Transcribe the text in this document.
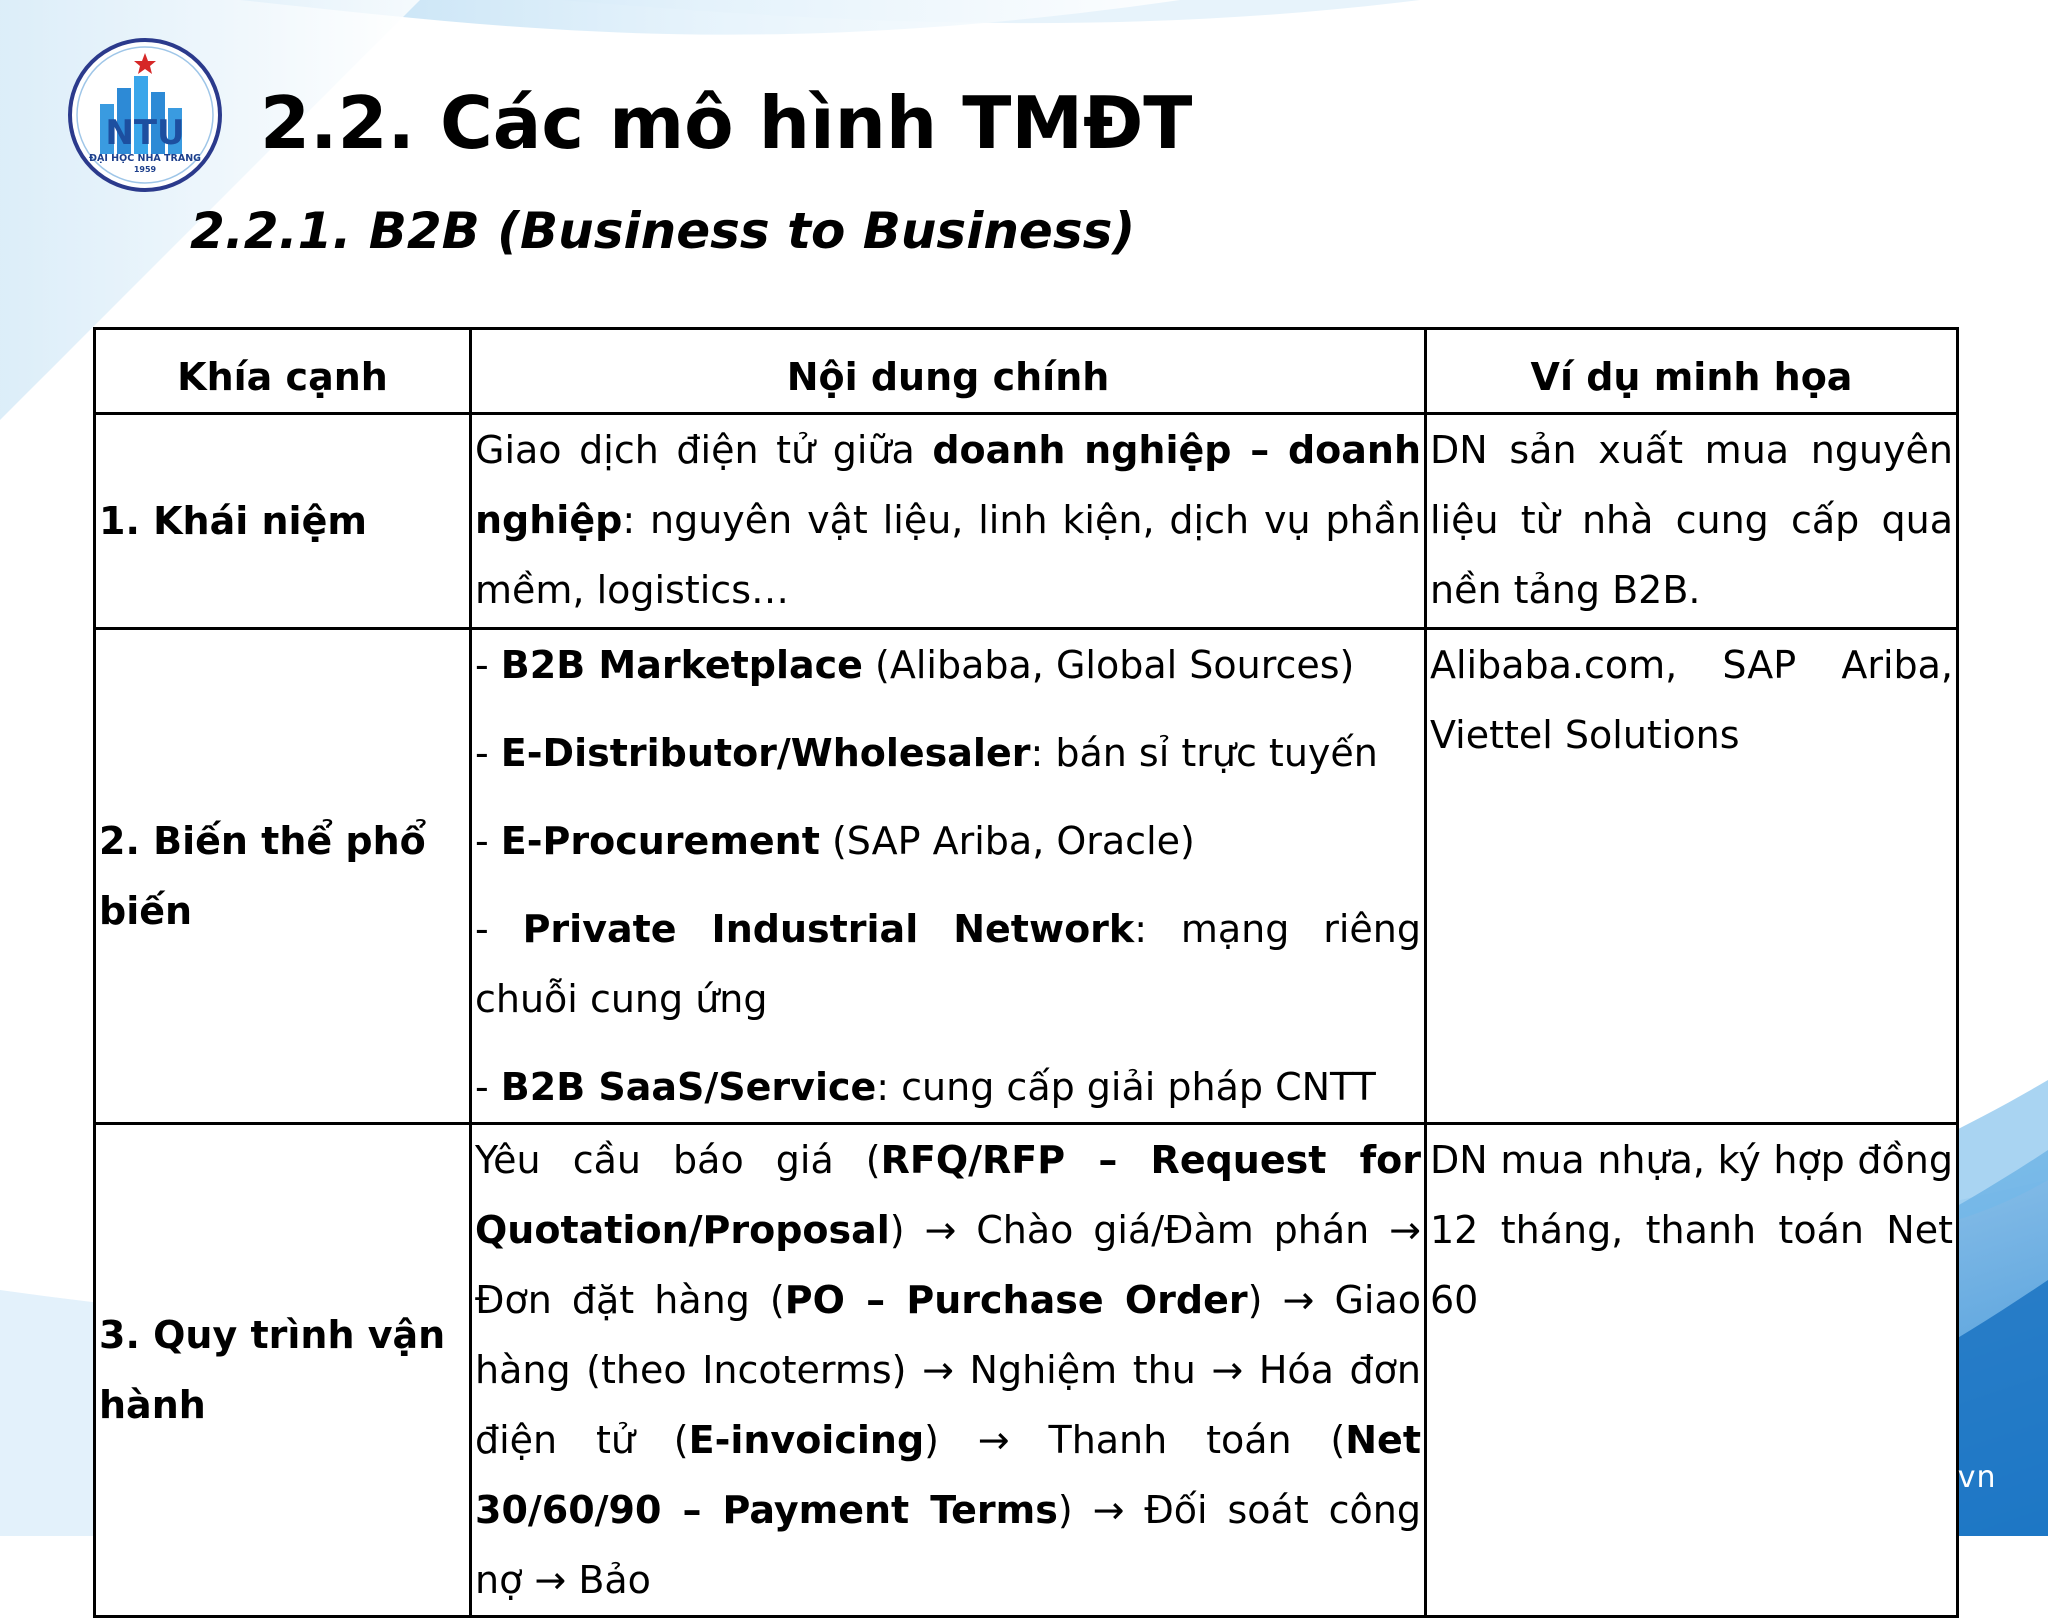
NTU
ĐẠI HỌC NHA TRANG
1959
2.2. Các mô hình TMĐT
2.2.1. B2B (Business to Business)
Khía cạnh	Nội dung chính	Ví dụ minh họa
1. Khái niệm	Giao dịch điện tử giữa doanh nghiệp – doanh nghiệp: nguyên vật liệu, linh kiện, dịch vụ phần mềm, logistics…	DN sản xuất mua nguyên liệu từ nhà cung cấp qua nền tảng B2B.
2. Biến thể phổ biến	- B2B Marketplace (Alibaba, Global Sources)

- E-Distributor/Wholesaler: bán sỉ trực tuyến

- E-Procurement (SAP Ariba, Oracle)

- Private Industrial Network: mạng riêng chuỗi cung ứng

- B2B SaaS/Service: cung cấp giải pháp CNTT	Alibaba.com, SAP Ariba, Viettel Solutions
3. Quy trình vận hành	Yêu cầu báo giá (RFQ/RFP – Request for Quotation/Proposal) → Chào giá/Đàm phán → Đơn đặt hàng (PO – Purchase Order) → Giao hàng (theo Incoterms) → Nghiệm thu → Hóa đơn điện tử (E-invoicing) → Thanh toán (Net 30/60/90 – Payment Terms) → Đối soát công nợ → Bảo	DN mua nhựa, ký hợp đồng 12 tháng, thanh toán Net 60
www.ntu.edu.vn
